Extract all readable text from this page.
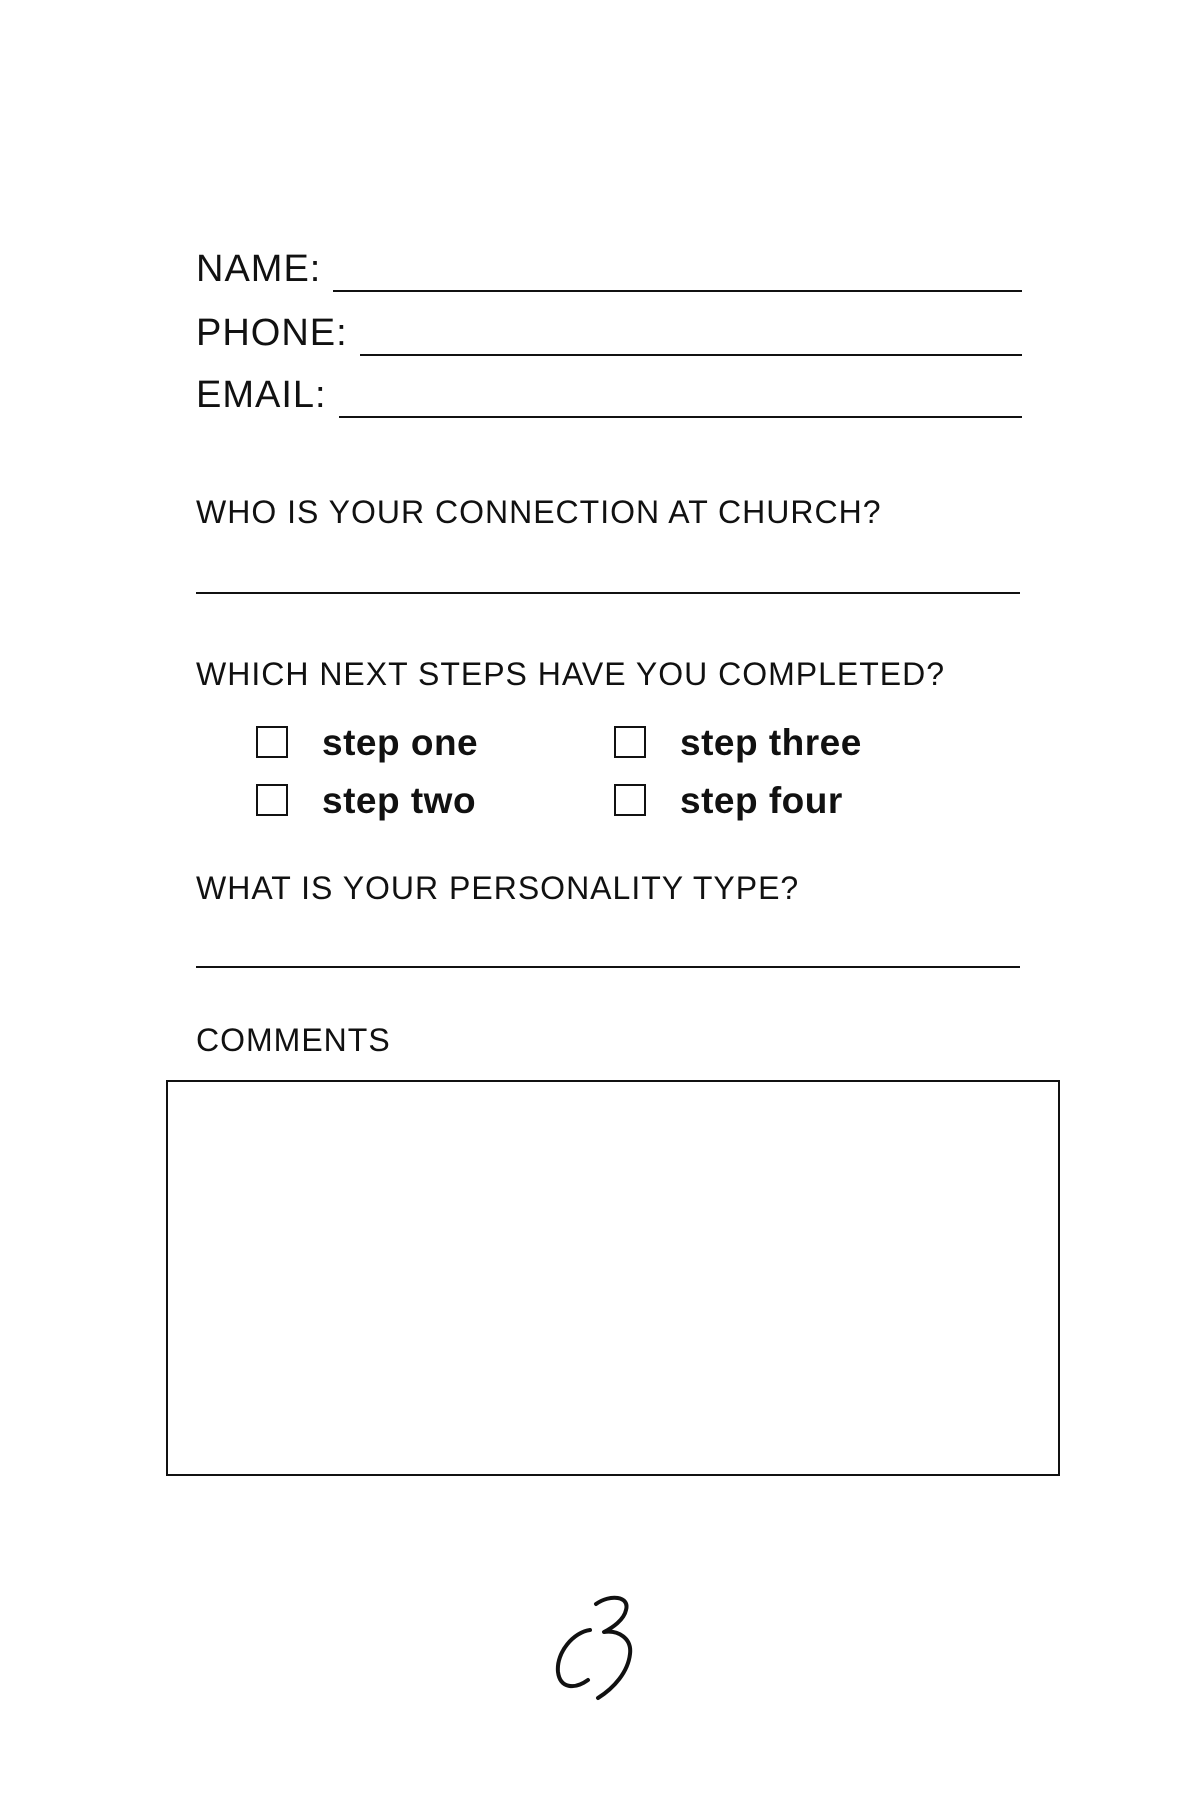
NAME:
PHONE:
EMAIL:
WHO IS YOUR CONNECTION AT CHURCH?
WHICH NEXT STEPS HAVE YOU COMPLETED?
step one
step two
step three
step four
WHAT IS YOUR PERSONALITY TYPE?
COMMENTS
